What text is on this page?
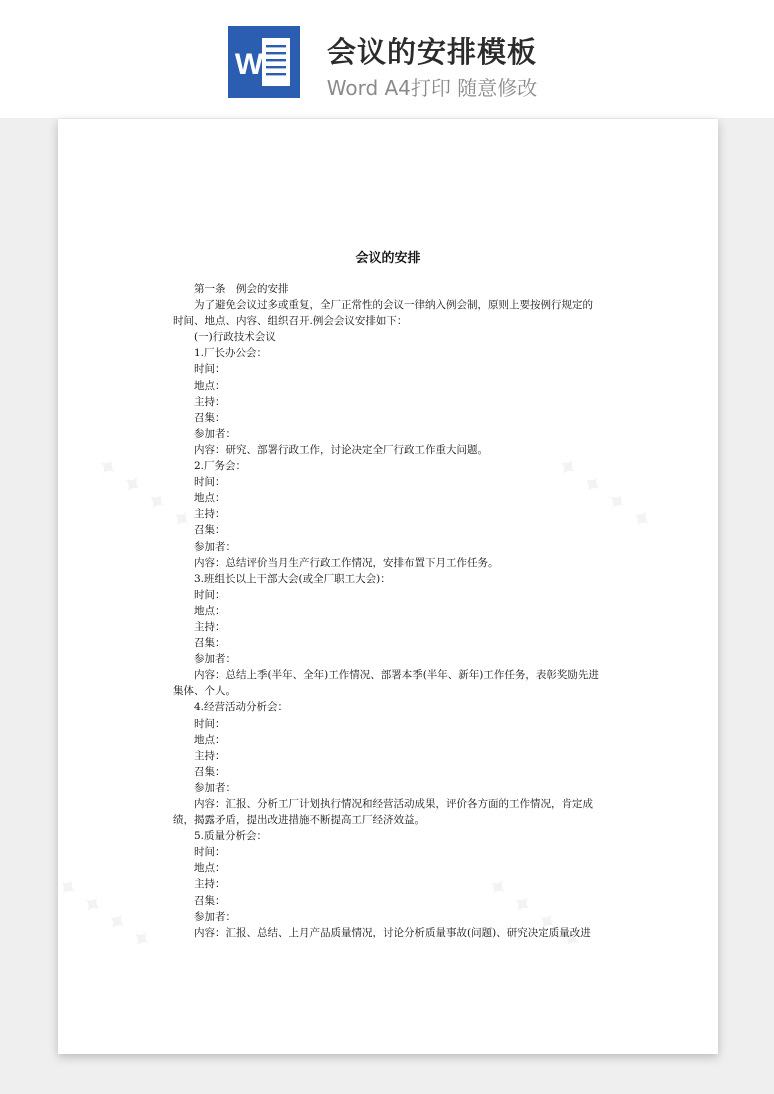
W	会议的安排模板
Word A4打印 随意修改
会议的安排

第一条　例会的安排

为了避免会议过多或重复，全厂正常性的会议一律纳入例会制，原则上要按例行规定的时间、地点、内容、组织召开.例会会议安排如下：

(一)行政技术会议

1.厂长办公会：

时间：

地点：

主持：

召集：

参加者：

内容：研究、部署行政工作，讨论决定全厂行政工作重大问题。

2.厂务会：

时间：

地点：

主持：

召集：

参加者：

内容：总结评价当月生产行政工作情况，安排布置下月工作任务。

3.班组长以上干部大会(或全厂职工大会)：

时间：

地点：

主持：

召集：

参加者：

内容：总结上季(半年、全年)工作情况、部署本季(半年、新年)工作任务，表彰奖励先进集体、个人。

4.经营活动分析会：

时间：

地点：

主持：

召集：

参加者：

内容：汇报、分析工厂计划执行情况和经营活动成果，评价各方面的工作情况，肯定成绩，揭露矛盾，提出改进措施不断提高工厂经济效益。

5.质量分析会：

时间：

地点：

主持：

召集：

参加者：

内容：汇报、总结、上月产品质量情况，讨论分析质量事故(问题)、研究决定质量改进
